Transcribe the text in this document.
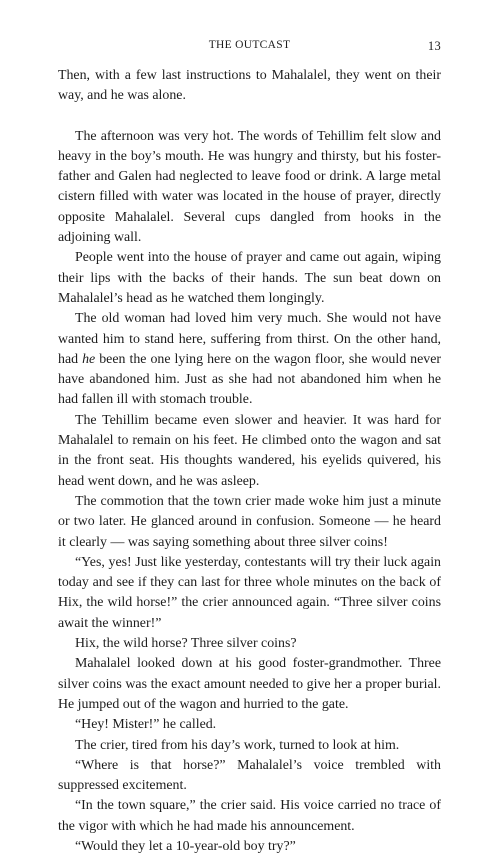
THE OUTCAST	13

Then, with a few last instructions to Mahalalel, they went on their way, and he was alone.

The afternoon was very hot. The words of Tehillim felt slow and heavy in the boy’s mouth. He was hungry and thirsty, but his foster-father and Galen had neglected to leave food or drink. A large metal cistern filled with water was located in the house of prayer, directly opposite Mahalalel. Several cups dangled from hooks in the adjoining wall.

People went into the house of prayer and came out again, wiping their lips with the backs of their hands. The sun beat down on Mahalalel’s head as he watched them longingly.

The old woman had loved him very much. She would not have wanted him to stand here, suffering from thirst. On the other hand, had he been the one lying here on the wagon floor, she would never have abandoned him. Just as she had not abandoned him when he had fallen ill with stomach trouble.

The Tehillim became even slower and heavier. It was hard for Mahalalel to remain on his feet. He climbed onto the wagon and sat in the front seat. His thoughts wandered, his eyelids quivered, his head went down, and he was asleep.

The commotion that the town crier made woke him just a minute or two later. He glanced around in confusion. Someone — he heard it clearly — was saying something about three silver coins!

“Yes, yes! Just like yesterday, contestants will try their luck again today and see if they can last for three whole minutes on the back of Hix, the wild horse!” the crier announced again. “Three silver coins await the winner!”

Hix, the wild horse? Three silver coins?

Mahalalel looked down at his good foster-grandmother. Three silver coins was the exact amount needed to give her a proper burial. He jumped out of the wagon and hurried to the gate.

“Hey! Mister!” he called.

The crier, tired from his day’s work, turned to look at him.

“Where is that horse?” Mahalalel’s voice trembled with suppressed excitement.

“In the town square,” the crier said. His voice carried no trace of the vigor with which he had made his announcement.

“Would they let a 10-year-old boy try?”
